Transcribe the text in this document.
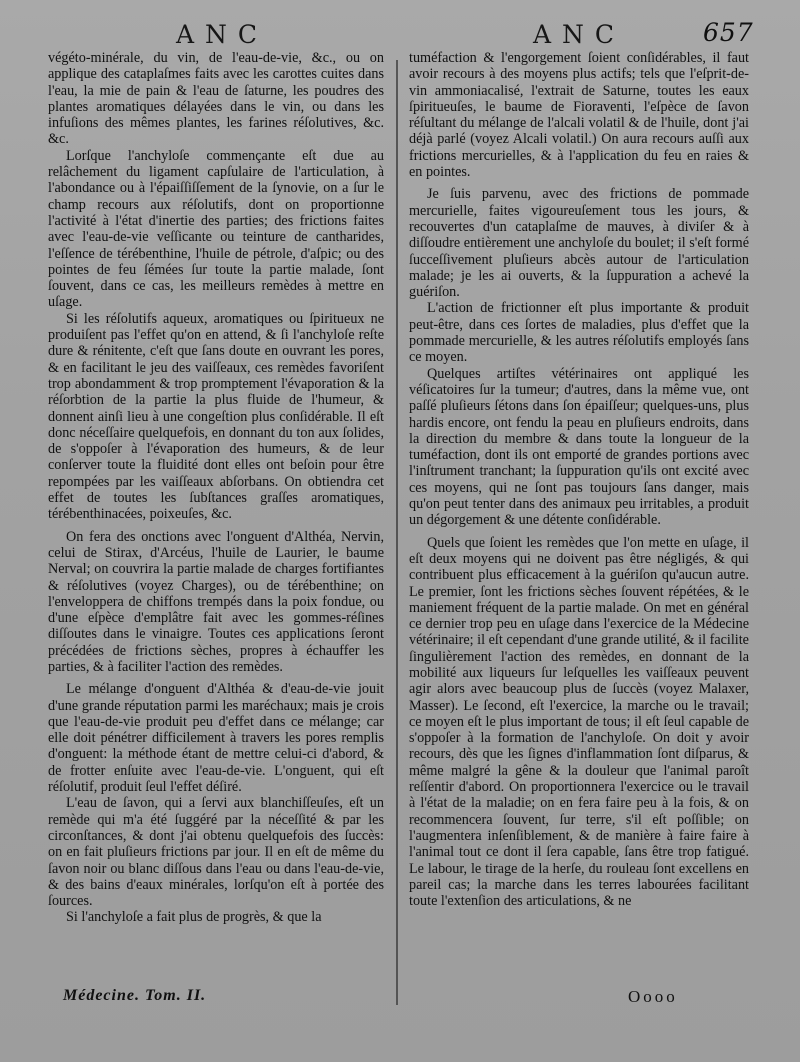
ANC	ANC	657

végéto-minérale, du vin, de l'eau-de-vie, &c., ou on applique des cataplaſmes faits avec les carottes cuites dans l'eau, la mie de pain & l'eau de ſaturne, les poudres des plantes aromatiques délayées dans le vin, ou dans les infuſions des mêmes plantes, les farines réſolutives, &c. &c.

Lorſque l'anchyloſe commençante eſt due au relâchement du ligament capſulaire de l'articulation, à l'abondance ou à l'épaiſſiſſement de la ſynovie, on a ſur le champ recours aux réſolutifs, dont on proportionne l'activité à l'état d'inertie des parties; des frictions faites avec l'eau-de-vie veſſicante ou teinture de cantharides, l'eſſence de térébenthine, l'huile de pétrole, d'aſpic; ou des pointes de feu ſémées ſur toute la partie malade, ſont ſouvent, dans ce cas, les meilleurs remèdes à mettre en uſage.

Si les réſolutifs aqueux, aromatiques ou ſpiritueux ne produiſent pas l'effet qu'on en attend, & ſi l'anchyloſe reſte dure & rénitente, c'eſt que ſans doute en ouvrant les pores, & en facilitant le jeu des vaiſſeaux, ces remèdes favoriſent trop abondamment & trop promptement l'évaporation & la réſorbtion de la partie la plus fluide de l'humeur, & donnent ainſi lieu à une congeſtion plus conſidérable. Il eſt donc néceſſaire quelquefois, en donnant du ton aux ſolides, de s'oppoſer à l'évaporation des humeurs, & de leur conſerver toute la fluidité dont elles ont beſoin pour être repompées par les vaiſſeaux abſorbans. On obtiendra cet effet de toutes les ſubſtances graſſes aromatiques, térébenthinacées, poixeuſes, &c.

On fera des onctions avec l'onguent d'Althéa, Nervin, celui de Stirax, d'Arcéus, l'huile de Laurier, le baume Nerval; on couvrira la partie malade de charges fortifiantes & réſolutives (voyez Charges), ou de térébenthine; on l'enveloppera de chiffons trempés dans la poix fondue, ou d'une eſpèce d'emplâtre fait avec les gommes-réſines diſſoutes dans le vinaigre. Toutes ces applications ſeront précédées de frictions sèches, propres à échauffer les parties, & à faciliter l'action des remèdes.

Le mélange d'onguent d'Althéa & d'eau-de-vie jouit d'une grande réputation parmi les maréchaux; mais je crois que l'eau-de-vie produit peu d'effet dans ce mélange; car elle doit pénétrer difficilement à travers les pores remplis d'onguent: la méthode étant de mettre celui-ci d'abord, & de frotter enſuite avec l'eau-de-vie. L'onguent, qui eſt réſolutif, produit ſeul l'effet déſiré.

L'eau de ſavon, qui a ſervi aux blanchiſſeuſes, eſt un remède qui m'a été ſuggéré par la néceſſité & par les circonſtances, & dont j'ai obtenu quelquefois des ſuccès: on en fait pluſieurs frictions par jour. Il en eſt de même du ſavon noir ou blanc diſſous dans l'eau ou dans l'eau-de-vie, & des bains d'eaux minérales, lorſqu'on eſt à portée des ſources.

Si l'anchyloſe a fait plus de progrès, & que la

tuméfaction & l'engorgement ſoient conſidérables, il faut avoir recours à des moyens plus actifs; tels que l'eſprit-de-vin ammoniacalisé, l'extrait de Saturne, toutes les eaux ſpiritueuſes, le baume de Fioraventi, l'eſpèce de ſavon réſultant du mélange de l'alcali volatil & de l'huile, dont j'ai déjà parlé (voyez Alcali volatil.) On aura recours auſſi aux frictions mercurielles, & à l'application du feu en raies & en pointes.

Je ſuis parvenu, avec des frictions de pommade mercurielle, faites vigoureuſement tous les jours, & recouvertes d'un cataplaſme de mauves, à diviſer & à diſſoudre entièrement une anchyloſe du boulet; il s'eſt formé ſucceſſivement pluſieurs abcès autour de l'articulation malade; je les ai ouverts, & la ſuppuration a achevé la guériſon.

L'action de frictionner eſt plus importante & produit peut-être, dans ces ſortes de maladies, plus d'effet que la pommade mercurielle, & les autres réſolutifs employés ſans ce moyen.

Quelques artiſtes vétérinaires ont appliqué les véſicatoires ſur la tumeur; d'autres, dans la même vue, ont paſſé pluſieurs ſétons dans ſon épaiſſeur; quelques-uns, plus hardis encore, ont fendu la peau en pluſieurs endroits, dans la direction du membre & dans toute la longueur de la tuméfaction, dont ils ont emporté de grandes portions avec l'inſtrument tranchant; la ſuppuration qu'ils ont excité avec ces moyens, qui ne ſont pas toujours ſans danger, mais qu'on peut tenter dans des animaux peu irritables, a produit un dégorgement & une détente conſidérable.

Quels que ſoient les remèdes que l'on mette en uſage, il eſt deux moyens qui ne doivent pas être négligés, & qui contribuent plus efficacement à la guériſon qu'aucun autre. Le premier, ſont les frictions sèches ſouvent répétées, & le maniement fréquent de la partie malade. On met en général ce dernier trop peu en uſage dans l'exercice de la Médecine vétérinaire; il eſt cependant d'une grande utilité, & il facilite ſingulièrement l'action des remèdes, en donnant de la mobilité aux liqueurs ſur leſquelles les vaiſſeaux peuvent agir alors avec beaucoup plus de ſuccès (voyez Malaxer, Masser). Le ſecond, eſt l'exercice, la marche ou le travail; ce moyen eſt le plus important de tous; il eſt ſeul capable de s'oppoſer à la formation de l'anchyloſe. On doit y avoir recours, dès que les ſignes d'inflammation ſont diſparus, & même malgré la gêne & la douleur que l'animal paroît reſſentir d'abord. On proportionnera l'exercice ou le travail à l'état de la maladie; on en fera faire peu à la fois, & on recommencera ſouvent, ſur terre, s'il eſt poſſible; on l'augmentera inſenſiblement, & de manière à faire faire à l'animal tout ce dont il ſera capable, ſans être trop fatigué. Le labour, le tirage de la herſe, du rouleau ſont excellens en pareil cas; la marche dans les terres labourées facilitant toute l'extenſion des articulations, & ne

Médecine. Tom. II.	Oooo
